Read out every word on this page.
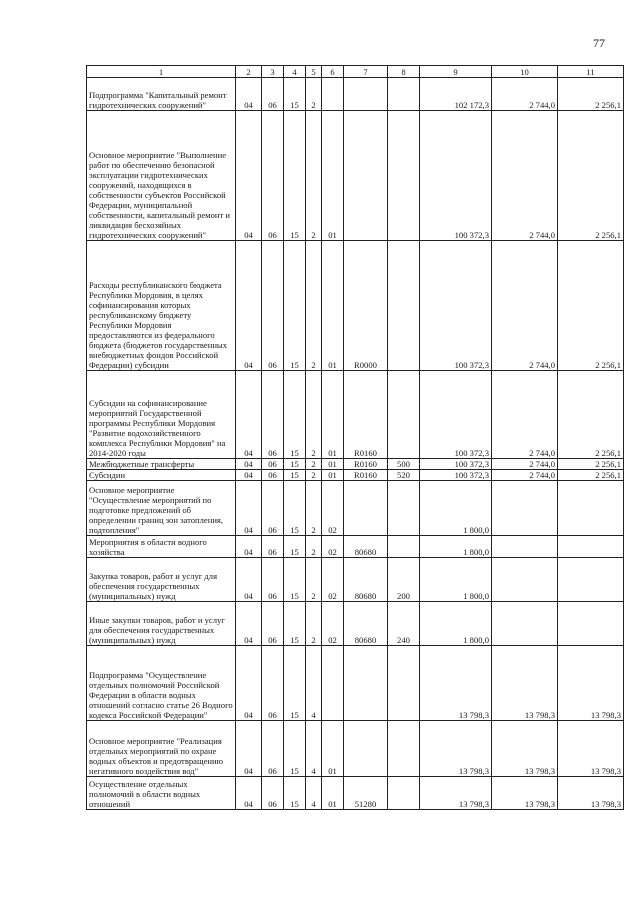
77
1	2	3	4	5	6	7	8	9	10	11
Подпрограмма "Капитальный ремонт гидротехнических сооружений"	04	06	15	2				102 172,3	2 744,0	2 256,1
Основное мероприятие "Выполнение работ по обеспечению безопасной эксплуатации гидротехнических сооружений, находящихся в собственности субъектов Российской Федерации, муниципальной собственности, капитальный ремонт и ликвидация бесхозяйных гидротехнических сооружений"	04	06	15	2	01			100 372,3	2 744,0	2 256,1
Расходы республиканского бюджета Республики Мордовия, в целях софинансирования которых республиканскому бюджету Республики Мордовия предоставляются из федерального бюджета (бюджетов государственных внебюджетных фондов Российской Федерации) субсидии	04	06	15	2	01	R0000		100 372,3	2 744,0	2 256,1
Субсидии на софинансирование мероприятий Государственной программы Республики Мордовия "Развитие водохозяйственного комплекса Республики Мордовия" на 2014-2020 годы	04	06	15	2	01	R0160		100 372,3	2 744,0	2 256,1
Межбюджетные трансферты	04	06	15	2	01	R0160	500	100 372,3	2 744,0	2 256,1
Субсидии	04	06	15	2	01	R0160	520	100 372,3	2 744,0	2 256,1
Основное мероприятие "Осуществление мероприятий по подготовке предложений об определении границ зон затопления, подтопления"	04	06	15	2	02			1 800,0		
Мероприятия в области водного хозяйства	04	06	15	2	02	80680		1 800,0		
Закупка товаров, работ и услуг для обеспечения государственных (муниципальных) нужд	04	06	15	2	02	80680	200	1 800,0		
Иные закупки товаров, работ и услуг для обеспечения государственных (муниципальных) нужд	04	06	15	2	02	80680	240	1 800,0		
Подпрограмма "Осуществление отдельных полномочий Российской Федерации в области водных отношений согласно статье 26 Водного кодекса Российской Федерации"	04	06	15	4				13 798,3	13 798,3	13 798,3
Основное мероприятие "Реализация отдельных мероприятий по охране водных объектов и предотвращению негативного воздействия вод"	04	06	15	4	01			13 798,3	13 798,3	13 798,3
Осуществление отдельных полномочий в области водных отношений	04	06	15	4	01	51280		13 798,3	13 798,3	13 798,3
